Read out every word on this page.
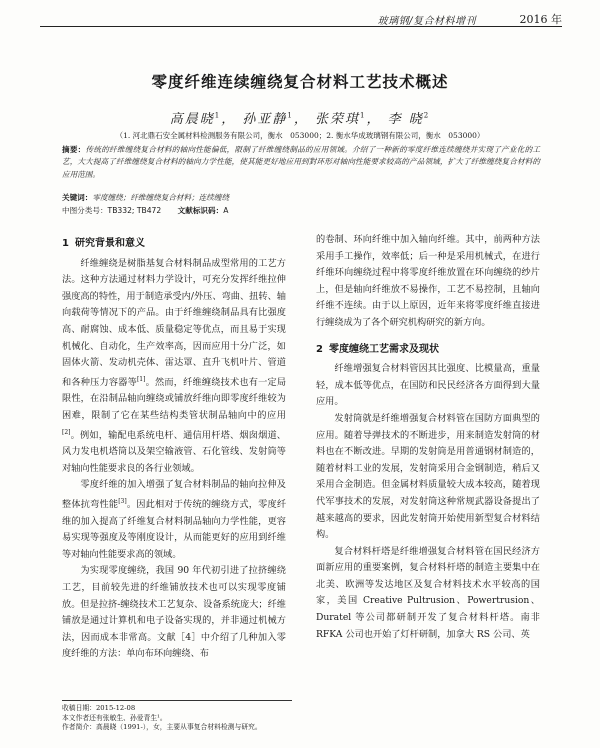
玻璃钢/复合材料增刊	2016 年
零度纤维连续缠绕复合材料工艺技术概述
高晨晓$^1$， 孙亚静$^1$， 张荣琪$^1$， 李 晓$^2$
（1. 河北鼎石安全属材料检测服务有限公司，衡水　053000；2. 衡水华成玻璃钢有限公司，衡水　053000）
摘要：传统的纤维缠绕复合材料的轴向性能偏低，限制了纤维缠绕制品的应用领域。介绍了一种新的零度纤维连续缠绕并实现了产业化的工艺，大大提高了纤维缠绕复合材料的轴向力学性能，使其能更好地应用到對环形对轴向性能要求较高的产品领域，扩大了纤维缠绕复合材料的应用范围。
关键词：零度缠绕；纤维缠绕复合材料；连续缠绕
中图分类号：TB332; TB472 文献标识码：A
1 研究背景和意义

纤维缠绕是树脂基复合材料制品成型常用的工艺方法。这种方法通过材料力学设计，可充分发挥纤维拉伸强度高的特性，用于制造承受内/外压、弯曲、扭转、轴向载荷等情况下的产品。由于纤维缠绕制品具有比强度高、耐腐蚀、成本低、质量稳定等优点，而且易于实现机械化、自动化，生产效率高，因而应用十分广泛，如固体火箭、发动机壳体、雷达罩、直升飞机叶片、管道和各种压力容器等[1]。然而，纤维缠绕技术也有一定局限性，在沿制品轴向缠绕或铺放纤维向即零度纤维较为困难，限制了它在某些结构类管状制品轴向中的应用[2]。例如，输配电系统电杆、通信用杆塔、烟囱烟道、风力发电机塔筒以及架空输液管、石化管线、发射筒等对轴向性能要求良的各行业领域。

零度纤维的加入增强了复合材料制品的轴向拉伸及整体抗弯性能[3]。因此相对于传统的缠绕方式，零度纤维的加入提高了纤维复合材料制品轴向力学性能，更容易实现等强度及等刚度设计，从而能更好的应用到纤维等对轴向性能要求高的领域。

为实现零度缠绕，我国 90 年代初引进了拉挤缠绕工艺，目前较先进的纤维铺放技术也可以实现零度铺放。但是拉挤-缠绕技术工艺复杂、设备系统庞大；纤维铺放是通过计算机和电子设备实现的，并非通过机械方法，因而成本非常高。文献［4］中介绍了几种加入零度纤维的方法：单向布环向缠绕、布

的卷制、环向纤维中加入轴向纤维。其中，前两种方法采用手工操作，效率低；后一种是采用机械式，在进行纤维环向缠绕过程中将零度纤维放置在环向缠绕的纱片上，但是轴向纤维放不易操作，工艺不易控制，且轴向纤维不连续。由于以上原因，近年来将零度纤维直接进行缠绕成为了各个研究机构研究的新方向。

2 零度缠绕工艺需求及现状

纤维增强复合材料管因其比强度、比模量高，重量轻，成本低等优点，在国防和民民经济各方面得到大量应用。

发射筒就是纤维增强复合材料管在国防方面典型的应用。随着导弹技术的不断进步，用来制造发射筒的材料也在不断改进。早期的发射筒是用普通钢材制造的，随着材料工业的发展，发射筒采用合金钢制造，稍后又采用合金制造。但金属材料质量较大成本较高，随着现代军事技术的发展，对发射筒这种常规武器设备提出了越来越高的要求，因此发射筒开始使用新型复合材料结构。

复合材料杆塔是纤维增强复合材料管在国民经济方面新应用的重要案例，复合材料杆塔的制造主要集中在北美、欧洲等发达地区及复合材料技术水平较高的国家，美国 Creative Pultrusion、Powertrusion、Duratel 等公司都研制开发了复合材料杆塔。南非 RFKA 公司也开始了灯杆研制，加拿大 RS 公司、英

收稿日期：2015-12-08
本文作者还有张敏生、孙爱青生¹。
作者简介：高晨晓（1991-），女，主要从事复合材料检测与研究。
